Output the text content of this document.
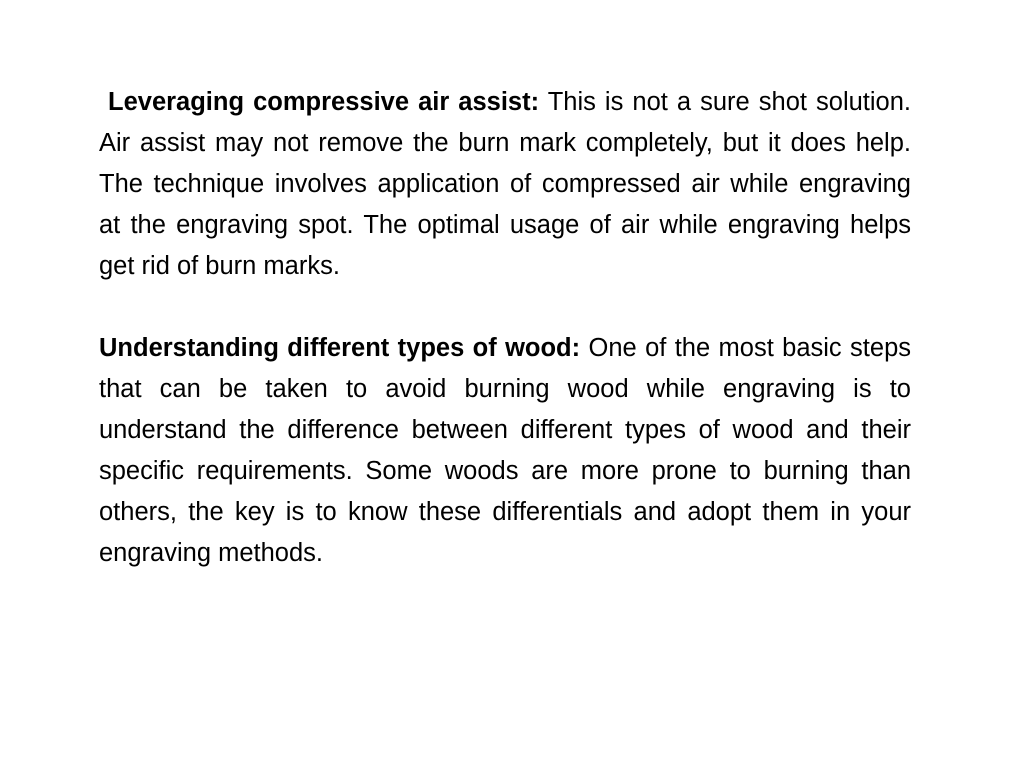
Leveraging compressive air assist: This is not a sure shot solution. Air assist may not remove the burn mark completely, but it does help. The technique involves application of compressed air while engraving at the engraving spot. The optimal usage of air while engraving helps get rid of burn marks.

Understanding different types of wood: One of the most basic steps that can be taken to avoid burning wood while engraving is to understand the difference between different types of wood and their specific requirements. Some woods are more prone to burning than others, the key is to know these differentials and adopt them in your engraving methods.
